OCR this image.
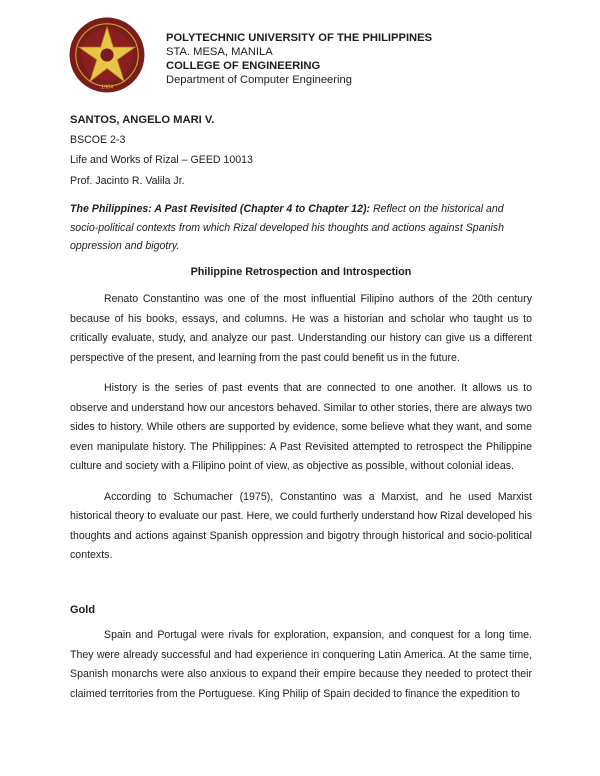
1904
POLYTECHNIC UNIVERSITY OF THE PHILIPPINES
STA. MESA, MANILA
COLLEGE OF ENGINEERING
Department of Computer Engineering
SANTOS, ANGELO MARI V.
BSCOE 2-3
Life and Works of Rizal – GEED 10013
Prof. Jacinto R. Valila Jr.
The Philippines: A Past Revisited (Chapter 4 to Chapter 12): Reflect on the historical and socio-political contexts from which Rizal developed his thoughts and actions against Spanish oppression and bigotry.
Philippine Retrospection and Introspection

Renato Constantino was one of the most influential Filipino authors of the 20th century because of his books, essays, and columns. He was a historian and scholar who taught us to critically evaluate, study, and analyze our past. Understanding our history can give us a different perspective of the present, and learning from the past could benefit us in the future.

History is the series of past events that are connected to one another. It allows us to observe and understand how our ancestors behaved. Similar to other stories, there are always two sides to history. While others are supported by evidence, some believe what they want, and some even manipulate history. The Philippines: A Past Revisited attempted to retrospect the Philippine culture and society with a Filipino point of view, as objective as possible, without colonial ideas.

According to Schumacher (1975), Constantino was a Marxist, and he used Marxist historical theory to evaluate our past. Here, we could furtherly understand how Rizal developed his thoughts and actions against Spanish oppression and bigotry through historical and socio-political contexts.

Gold

Spain and Portugal were rivals for exploration, expansion, and conquest for a long time. They were already successful and had experience in conquering Latin America. At the same time, Spanish monarchs were also anxious to expand their empire because they needed to protect their claimed territories from the Portuguese. King Philip of Spain decided to finance the expedition to
